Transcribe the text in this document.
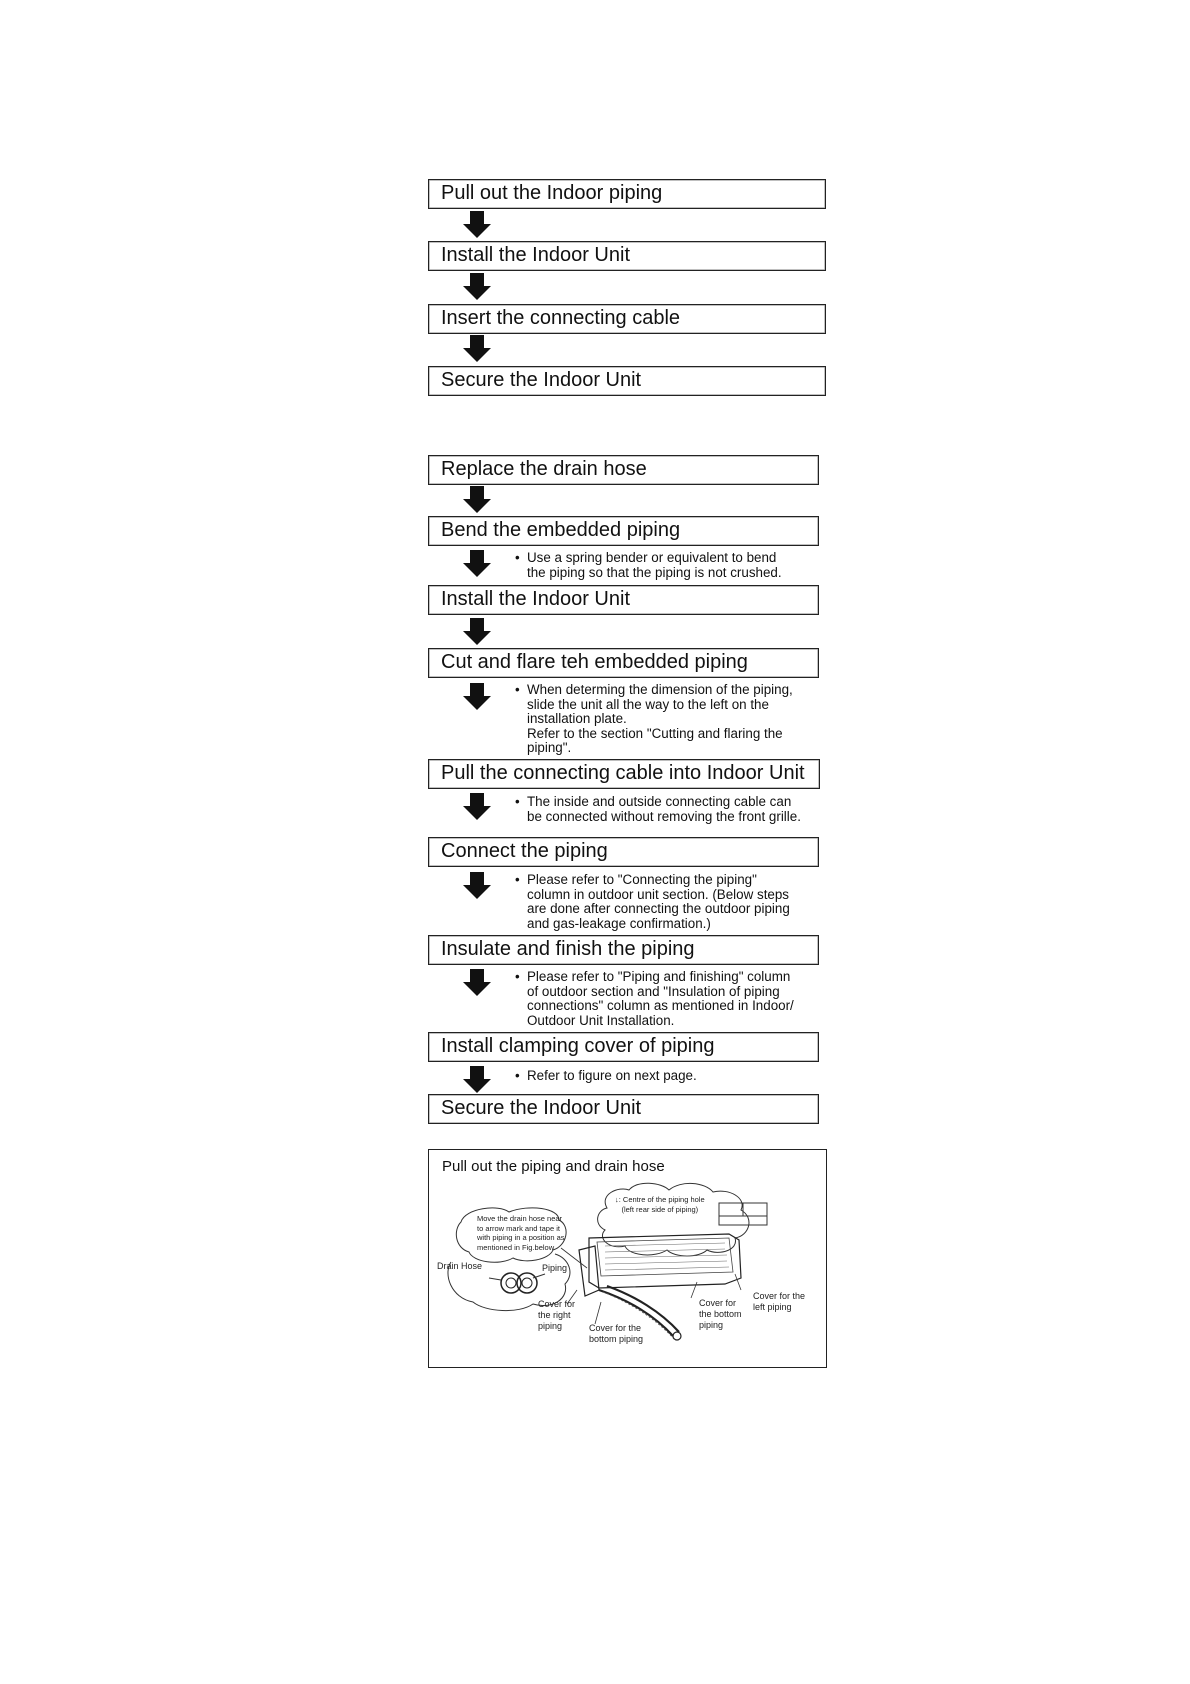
Pull out the Indoor piping
Install the Indoor Unit
Insert the connecting cable
Secure the Indoor Unit
Replace the drain hose
Bend the embedded piping
• Use a spring bender or equivalent to bend
the piping so that the piping is not crushed.
Install the Indoor Unit
Cut and flare teh embedded piping
• When determing the dimension of the piping,
slide the unit all the way to the left on the
installation plate.
Refer to the section "Cutting and flaring the
piping".
Pull the connecting cable into Indoor Unit
• The inside and outside connecting cable can
be connected without removing the front grille.
Connect the piping
• Please refer to "Connecting the piping"
column in outdoor unit section. (Below steps
are done after connecting the outdoor piping
and gas-leakage confirmation.)
Insulate and finish the piping
• Please refer to "Piping and finishing" column
of outdoor section and "Insulation of piping
connections" column as mentioned in Indoor/
Outdoor Unit Installation.
Install clamping cover of piping
• Refer to figure on next page.
Secure the Indoor Unit
Pull out the piping and drain hose
↓: Centre of the piping hole
(left rear side of piping)
Move the drain hose near
to arrow mark and tape it
with piping in a position as
mentioned in Fig.below
Drain Hose	Piping
Cover for
the right
piping	Cover for the
bottom piping
Cover for
the bottom
piping
Cover for the
left piping
